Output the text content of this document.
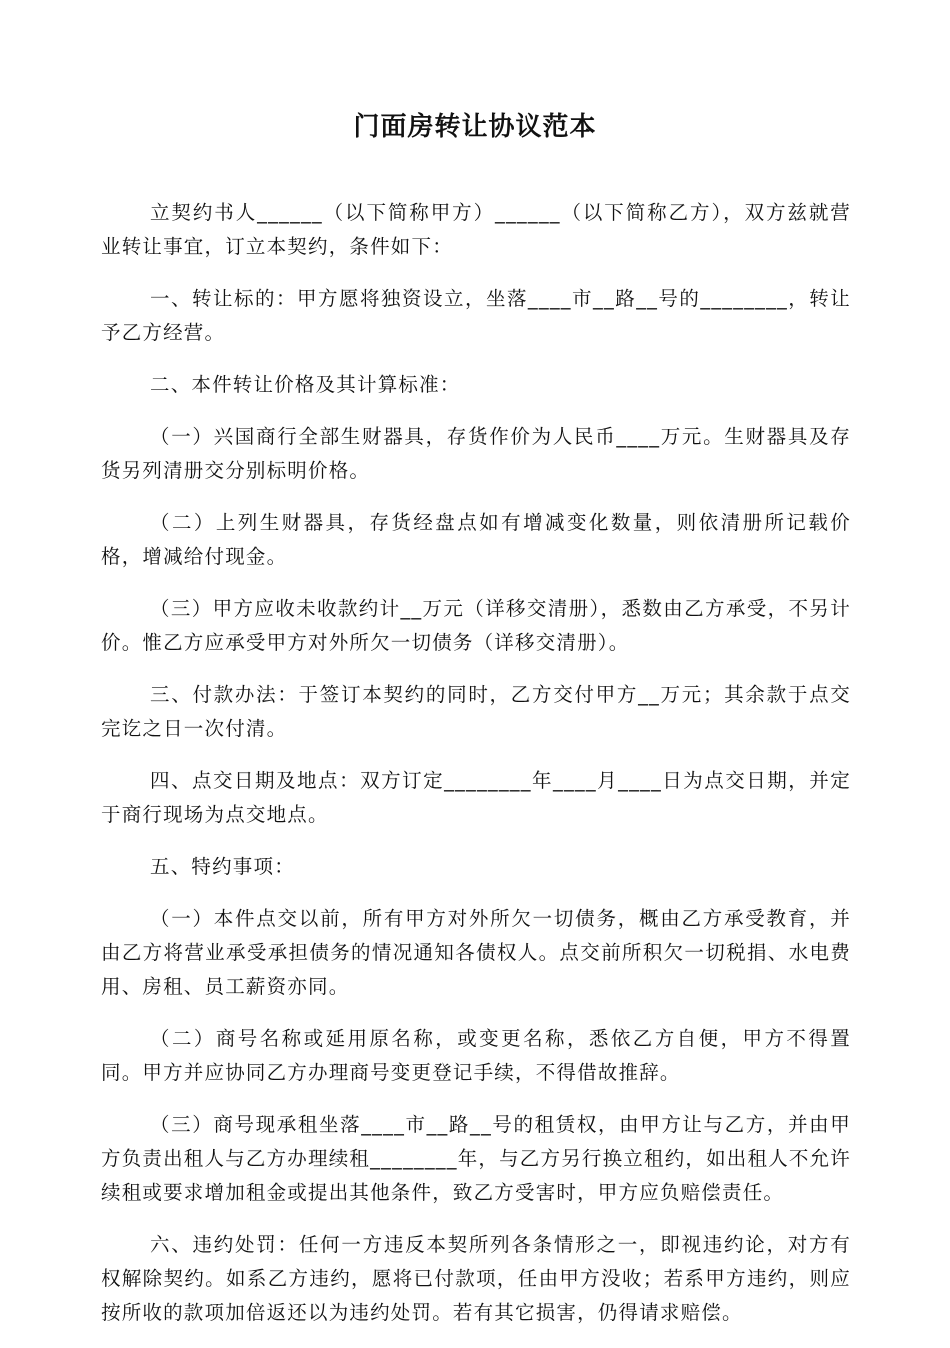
门面房转让协议范本

立契约书人______（以下简称甲方）______（以下简称乙方），双方兹就营业转让事宜，订立本契约，条件如下：

一、转让标的：甲方愿将独资设立，坐落____市__路__号的________，转让予乙方经营。

二、本件转让价格及其计算标准：

（一）兴国商行全部生财器具，存货作价为人民币____万元。生财器具及存货另列清册交分别标明价格。

（二）上列生财器具，存货经盘点如有增减变化数量，则依清册所记载价格，增减给付现金。

（三）甲方应收未收款约计__万元（详移交清册），悉数由乙方承受，不另计价。惟乙方应承受甲方对外所欠一切债务（详移交清册）。

三、付款办法：于签订本契约的同时，乙方交付甲方__万元；其余款于点交完讫之日一次付清。

四、点交日期及地点：双方订定________年____月____日为点交日期，并定于商行现场为点交地点。

五、特约事项：

（一）本件点交以前，所有甲方对外所欠一切债务，概由乙方承受教育，并由乙方将营业承受承担债务的情况通知各债权人。点交前所积欠一切税捐、水电费用、房租、员工薪资亦同。

（二）商号名称或延用原名称，或变更名称，悉依乙方自便，甲方不得置同。甲方并应协同乙方办理商号变更登记手续，不得借故推辞。

（三）商号现承租坐落____市__路__号的租赁权，由甲方让与乙方，并由甲方负责出租人与乙方办理续租________年，与乙方另行换立租约，如出租人不允许续租或要求增加租金或提出其他条件，致乙方受害时，甲方应负赔偿责任。

六、违约处罚：任何一方违反本契所列各条情形之一，即视违约论，对方有权解除契约。如系乙方违约，愿将已付款项，任由甲方没收；若系甲方违约，则应按所收的款项加倍返还以为违约处罚。若有其它损害，仍得请求赔偿。
